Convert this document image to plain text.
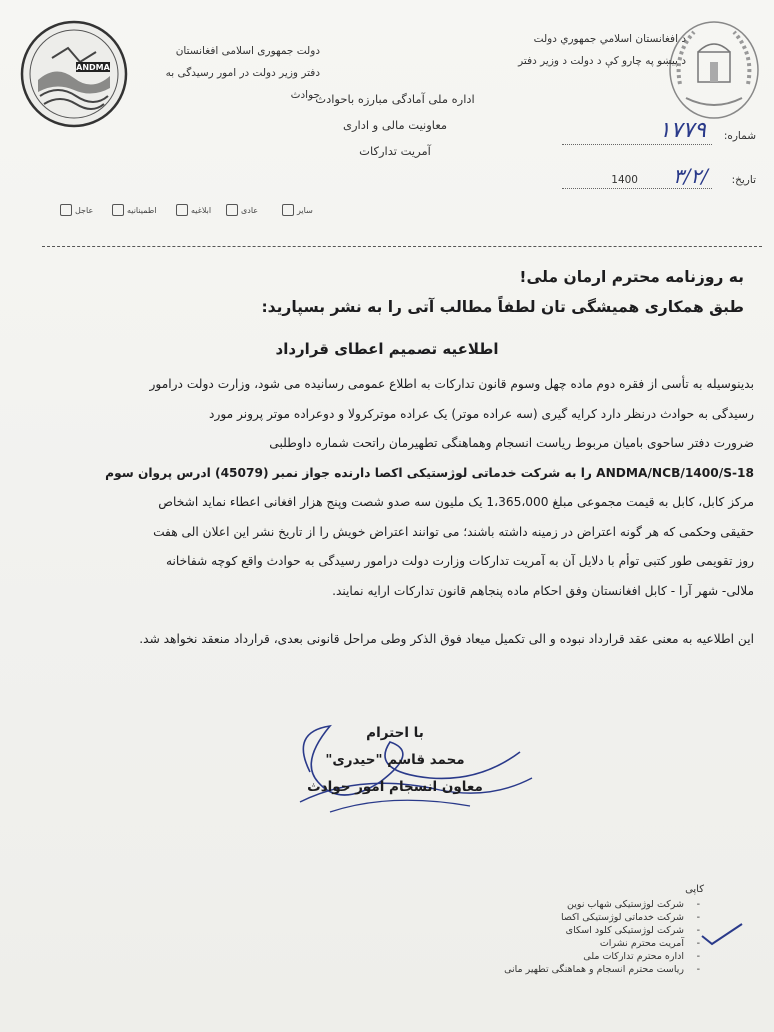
ANDMA
د افغانستان اسلامي جمهوري دولت
د پيښو په چارو کې د دولت د وزير دفتر
دولت جمهوری اسلامی افغانستان
دفتر وزیر دولت در امور رسیدگی به حوادث
اداره ملی آمادگی مبارزه باحوادث
معاونیت مالی و اداری
آمریت تدارکات
شماره:
۱۷۷۹
تاریخ:
۳/۲/
1400
سایر
عادی
ابلاغیه
اطمینانیه
عاجل
به روزنامه محترم ارمان ملی!
طبق همکاری همیشگی تان لطفاً مطالب آتی را به نشر بسپارید:
اطلاعیه تصمیم اعطای قرارداد

بدینوسیله به تأسی از فقره دوم ماده چهل وسوم قانون تدارکات به اطلاع عمومی رسانیده می شود، وزارت دولت درامور

رسیدگی به حوادث درنظر دارد کرایه گیری (سه عراده موتر) یک عراده موترکرولا و دوعراده موتر پرونر مورد

ضرورت دفتر ساحوی بامیان مربوط ریاست انسجام وهماهنگی تطهیرمان راتحت شماره داوطلبی

ANDMA/NCB/1400/S-18 را به شرکت خدماتی لوژستیکی اکصا دارنده جواز نمبر (45079) ادرس پروان سوم

مرکز کابل، کابل به قیمت مجموعی مبلغ 1،365،000 یک ملیون سه صدو شصت وپنج هزار افغانی اعطاء نماید اشخاص

حقیقی وحکمی که هر گونه اعتراض در زمینه داشته باشند؛ می توانند اعتراض خویش را از تاریخ نشر این اعلان الی هفت

روز تقویمی طور کتبی توأم با دلایل آن به آمریت تدارکات وزارت دولت درامور رسیدگی به حوادث واقع کوچه شفاخانه

ملالی- شهر آرا - کابل افغانستان وفق احکام ماده پنجاهم قانون تدارکات ارایه نمایند.

این اطلاعیه به معنی عقد قرارداد نبوده و الی تکمیل میعاد فوق الذکر وطی مراحل قانونی بعدی، قرارداد منعقد نخواهد شد.
با احترام
محمد قاسم "حیدری"
معاون انسجام امور حوادث
کاپی
- شرکت لوژستیکی شهاب نوین
- شرکت خدماتی لوژستیکی اکصا
- شرکت لوژستیکی کلود اسکای
- آمریت محترم نشرات
- اداره محترم تدارکات ملی
- ریاست محترم انسجام و هماهنگی تطهیر مانی
